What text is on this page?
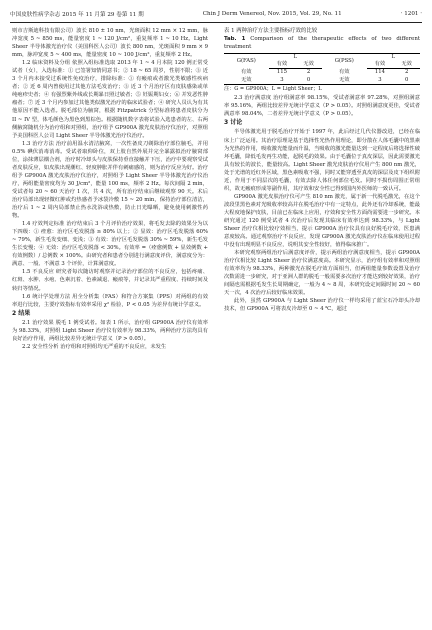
中国皮肤性病学杂志 2015 年 11 月第 29 卷第 11 期	Chin J Derm Venereol, Nov. 2015, Vol. 29, No. 11	· 1201 ·

则市吉斯迪科技有限公司）波长 810 ± 10 nm，光斑面积 12 mm × 12 mm，脉冲宽度 5 ~ 850 ms，能量密度 1 ~ 120 J/cm²，重复频率 1 ~ 10 Hz。Light Sheer 半导体激光治疗仪（美国科医人公司）波长 800 nm，光斑面积 9 mm × 9 mm，脉冲宽度 5 ~ 400 ms，能量密度 10 ~ 100 J/cm²，重复频率 2 Hz。

1.2 临床资料及分组 依照入组标准选取 2013 年 1 ~ 4 月本院 120 例正常受试者（女），入选标准：① 已签署知情同意书；② 18 ~ 65 周岁，性别不限；③ 近 3 个月内未接受过系统性免疫治疗，排除标准：① 有瘢痕或者激光类敏感性疾病者；② 近 6 周内曾使用过其他方法毛发治疗；③ 近 3 个月治疗区有皮肤感染或单纯疱疹史者；④ 有强烈紫外线或长期暴日照过敏者；⑤ 妊娠期妇女；⑥ 并发恶性肿瘤者；⑦ 近 3 个月内参加过其他类似激光治疗的临床试验者；④ 研究人员认为有其他原因不能入选者。脱毛部位为腋窝，根据 Fitzpatrick 分型标准将患者皮肤分为 II ~ IV 型，体毛颜色为黑色到黑棕色。根据随机数字表将试验入选患者的左、右两侧腋窝随机分为治疗组和对照组，治疗组予 GP900A 激光皮肤治疗仪治疗，对照组予美国科医人公司 Light Sheer 半导体激光治疗仪治疗。

1.3 治疗方法 治疗前用温水清洁腋窝，一次性备皮刀剃除治疗部位腋毛，并用 0.5% 碘伏消毒消毒。受试者取仰卧位，双上肢自然外展并完全暴露拟治疗腋窝部位，涂抹薄层耦合剂，治疗时冷却头与皮肤保持垂直接触并下压，治疗中要观察受试者皮肤反应，如皮肤出现潮红、轻度肿胀并伴有刺痛感的，则为治疗反应为好。治疗组予 GP900A 激光皮肤治疗仪治疗，对照组予 Light Sheer 半导体激光治疗仪治疗，两组能量密度均为 30 J/cm²，能量 100 ms，频率 2 Hz。每次间隔 2 min，受试者每 20 ~ 60 天治疗 1 次，共 4 次，所有治疗结束后继续观察 90 天。术后治疗局部出现轻微红肿或灼热感者予冰袋冷敷 15 ~ 20 min，保持治疗部位清洁，治疗后 1 ~ 2 周内局部禁止热水洗浴或热敷，防止日光曝晒，避免使用刺激性药物。

1.4 疗效判定标准 治疗结束后 3 个月评价治疗效果，将毛发去除的效果分为以下四级：① 痊愈：治疗区毛发脱落 ≥ 80% 以上；② 显效：治疗区毛发脱落 60% ~ 79%，新生毛发变细、变浅；③ 有效：治疗区毛发脱落 30% ~ 59%，新生毛发生长变慢；④ 无效：治疗区毛发脱落 < 30%。有效率 =（痊愈例数 + 显效例数 + 有效例数）/ 总例数 × 100%。由研究者和患者分别进行满意度评价，满意度分为：满意、一般、不满意 3 个评价，计算满意度。

1.5 不良反应 研究者每次随访时观察并记录治疗部位的不良反应，包括疼痛、红斑、水肿、水疱、色素沉着、色素减退、瘢痕等，并记录其严重程度、持续时间及转归等情况。

1.6 统计学处理方法 用全分析集（FAS）和符合方案集（PPS）对两组的有效率进行比较，主要疗效指标有效率采用 χ² 检验，P < 0.05 为差异有统计学意义。

2 结果

2.1 治疗效果 脱毛 1 例受试者。如表 1 所示，治疗组 GP900A 治疗仪有效率为 98.33%，对照组 Light Sheer 治疗仪有效率为 98.33%，两种治疗方法均具有良好治疗作用，两组比较差异无统计学意义（P > 0.05）。

2.2 安全性分析 治疗组和对照组均无严重的不良反应，未发生

表 1 两种治疗方法主要指标疗效的比较
Tab. 1 Comparison of the therapeutic effects of two different treatment
G(FAS)	L		G(PSS)	L	
	有效	无效		有效	无效
有效	115	2	有效	114	2
无效	3	0	无效	3	0
注：G = GP900A；L = Light Sheer；L

2.3 治疗满意度 治疗组满意率 98.15%，受试者满意率 97.28%，对照组满意率 95.16%，两组比较差异无统计学意义（P > 0.05）。对照组满意度更佳，受试者满意率 98.04%，二者差异无统计学意义（P > 0.05）。

3 讨论

半导体激光用于脱毛治疗开始于 1997 年，此后经过几代仪器改进，已经在临床上广泛运用。其治疗原理是基于选择性光热作用理论，即分散在人体毛囊中的黑素为光热的作用，吸收激光能量而升温，当吸收的激光能量达到一定程度后将选择性破坏毛囊，降低毛发再生功能，起脱毛的效果。由于毛囊位于真皮深层，因此需要激光具有较长的波长，能量较高。Light Sheer 激光皮肤治疗仪用产生 800 nm 激光，处于光谱的近红外区域，黑色素吸收不强，同时又能穿透至真皮的深层及皮下组织附近，作用于不同层次的毛囊，有效去除人体任何部位毛发。同时不损伤周围正常组织，故无瘢痕形成等副作用，其疗效和安全性已得到国内外医师的一致认可。

GP900A 激光皮肤治疗仪可产生 810 nm 激光，属于新一代脱毛激光，在这个波段里黑色素对光吸收率较高并在脱毛治疗中有一定特点，此外还有冷却系统，能最大程度地保护皮肤，目前已在临床上应用，疗效和安全性方面尚需要进一步研究。本研究通过 120 例受试者 4 次治疗后发现其临床有效率达到 98.33%，与 Light Sheer 治疗仪相比较疗效相当，提示 GP900A 治疗仪具有良好脱毛疗效，医患满意度较高。通过观察治疗不良反应，发现 GP900A 激光皮肤治疗仪在临床使用过程中没有出现明显不良反应，说明其安全性较好，值得临床推广。

本研究观察两组治疗后满意度评价，提示两组治疗满意度相当，提示 GP900A 治疗仪相比较 Light Sheer 治疗仪满意度高。本研究显示，治疗组有效率和对照组有效率均为 98.33%，两种激光在脱毛疗效方面相当，但两组能量参数设置及治疗次数需进一步研究，对于亚洲人群的脱毛一般需要多次治疗才能达到较好效果，治疗间隔也需根据毛发生长周期确定，一般为 4 ~ 8 周，本研究设定间隔时间 20 ~ 60 天一次，4 次治疗后较好临床效果。

此外，虽然 GP900A 与 Light Sheer 治疗仪一样均采用了蓝宝石冷却头冷却技术，但 GP900A 可将表皮冷却至 0 ~ 4 ℃，超过
